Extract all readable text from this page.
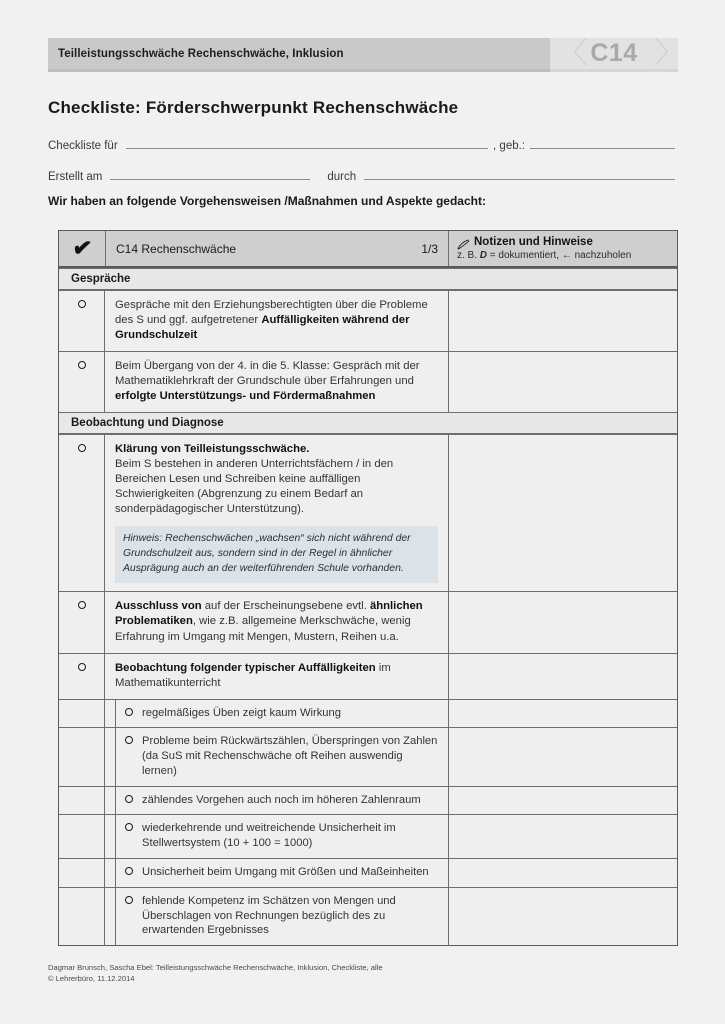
Teilleistungsschwäche Rechenschwäche, Inklusion	〈 C14 〉
Checkliste: Förderschwerpunkt Rechenschwäche
Checkliste für	, geb.:
Erstellt am	durch
Wir haben an folgende Vorgehensweisen /Maßnahmen und Aspekte gedacht:
✔ C14 Rechenschwäche	1/3	Notizen und Hinweise
z. B. D = dokumentiert, ← nachzuholen
Gespräche
Gespräche mit den Erziehungsberechtigten über die Probleme des S und ggf. aufgetretener Auffälligkeiten während der Grundschulzeit
Beim Übergang von der 4. in die 5. Klasse: Gespräch mit der Mathematiklehrkraft der Grundschule über Erfahrungen und erfolgte Unterstützungs- und Fördermaßnahmen
Beobachtung und Diagnose
Klärung von Teilleistungsschwäche.
Beim S bestehen in anderen Unterrichtsfächern / in den Bereichen Lesen und Schreiben keine auffälligen Schwierigkeiten (Abgrenzung zu einem Bedarf an sonderpädagogischer Unterstützung).
Hinweis: Rechenschwächen „wachsen“ sich nicht während der Grundschulzeit aus, sondern sind in der Regel in ähnlicher Ausprägung auch an der weiterführenden Schule vorhanden.
Ausschluss von auf der Erscheinungsebene evtl. ähnlichen Problematiken, wie z.B. allgemeine Merkschwäche, wenig Erfahrung im Umgang mit Mengen, Mustern, Reihen u.a.
Beobachtung folgender typischer Auffälligkeiten im Mathematikunterricht
regelmäßiges Üben zeigt kaum Wirkung
Probleme beim Rückwärtszählen, Überspringen von Zahlen (da SuS mit Rechenschwäche oft Reihen auswendig lernen)
zählendes Vorgehen auch noch im höheren Zahlenraum
wiederkehrende und weitreichende Unsicherheit im Stellwertsystem (10 + 100 = 1000)
Unsicherheit beim Umgang mit Größen und Maßeinheiten
fehlende Kompetenz im Schätzen von Mengen und Überschlagen von Rechnungen bezüglich des zu erwartenden Ergebnisses
Dagmar Brunsch, Sascha Ebel: Teilleistungsschwäche Rechenschwäche, Inklusion, Checkliste, alle
© Lehrerbüro, 11.12.2014
